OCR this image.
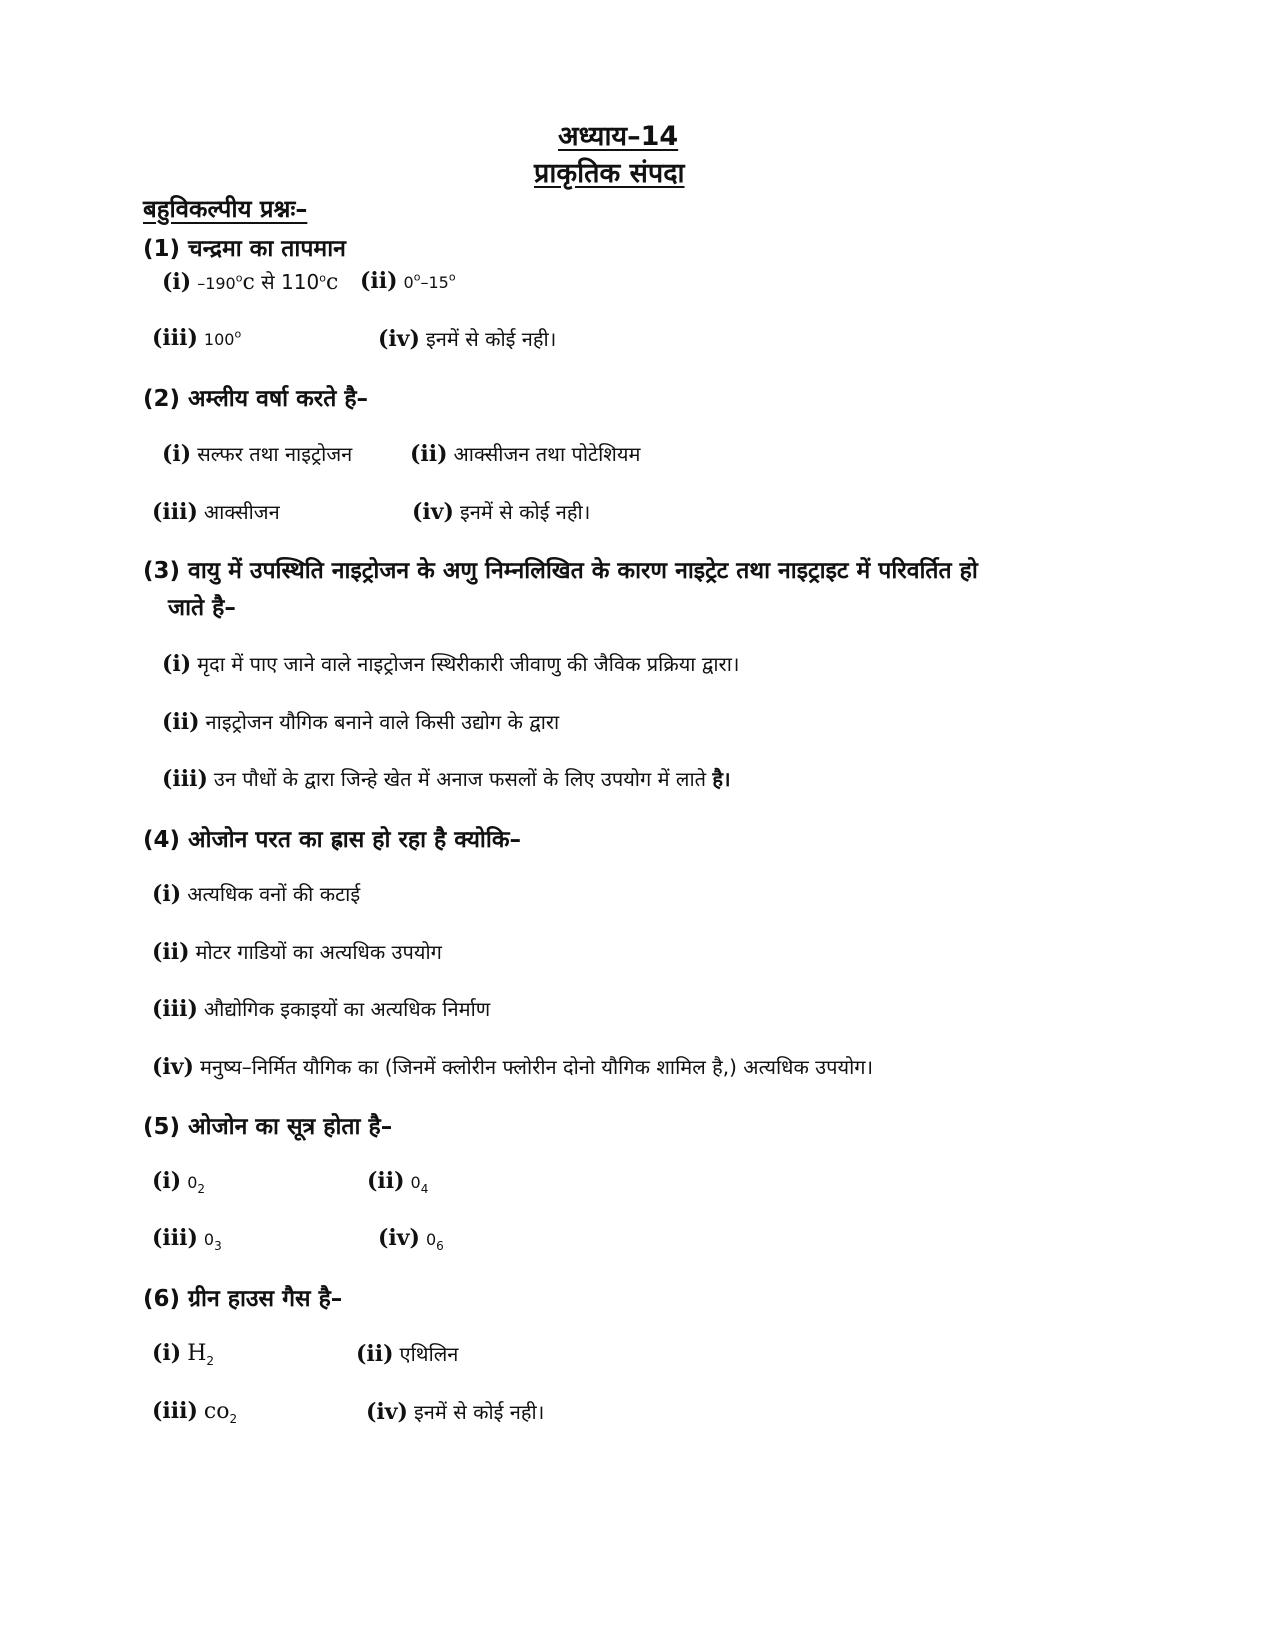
अध्याय–14
प्राकृतिक संपदा
बहुविकल्पीय प्रश्नः–
(1) चन्द्रमा का तापमान
(i) –190$^o$c से 110$^o$c (ii) 0$^o$–15$^o$
(iii) 100$^o$	(iv) इनमें से कोई नही।
(2) अम्लीय वर्षा करते है–
(i) सल्फर तथा नाइट्रोजन	(ii) आक्सीजन तथा पोटेशियम
(iii) आक्सीजन	(iv) इनमें से कोई नही।
(3) वायु में उपस्थिति नाइट्रोजन के अणु निम्नलिखित के कारण नाइट्रेट तथा नाइट्राइट में परिवर्तित हो
जाते है–
(i) मृदा में पाए जाने वाले नाइट्रोजन स्थिरीकारी जीवाणु की जैविक प्रक्रिया द्वारा।
(ii) नाइट्रोजन यौगिक बनाने वाले किसी उद्योग के द्वारा
(iii) उन पौधों के द्वारा जिन्हे खेत में अनाज फसलों के लिए उपयोग में लाते है।
(4) ओजोन परत का ह्रास हो रहा है क्योकि–
(i) अत्यधिक वनों की कटाई
(ii) मोटर गाडियों का अत्यधिक उपयोग
(iii) औद्योगिक इकाइयों का अत्यधिक निर्माण
(iv) मनुष्य–निर्मित यौगिक का (जिनमें क्लोरीन फ्लोरीन दोनो यौगिक शामिल है,) अत्यधिक उपयोग।
(5) ओजोन का सूत्र होता है–
(i) $0_2$	(ii) $0_4$
(iii) $0_3$	(iv) $0_6$
(6) ग्रीन हाउस गैस है–
(i) $H_2$	(ii) एथिलिन
(iii) $co_2$	(iv) इनमें से कोई नही।
